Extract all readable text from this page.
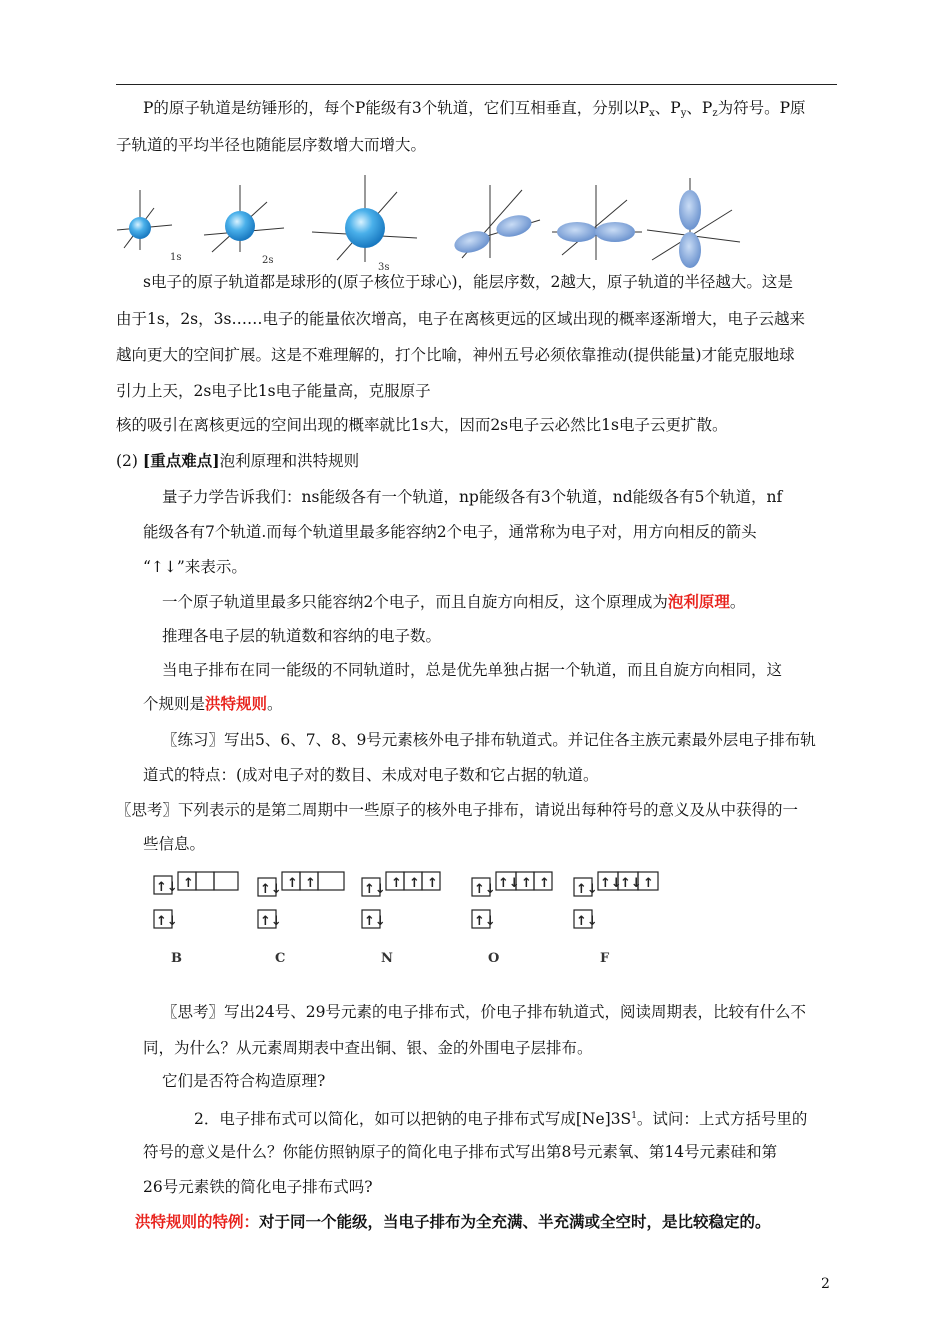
P的原子轨道是纺锤形的，每个P能级有3个轨道，它们互相垂直，分别以$P_x$、$P_y$、$P_z$为符号。P原
子轨道的平均半径也随能层序数增大而增大。
1s	2s
3s
s电子的原子轨道都是球形的(原子核位于球心)，能层序数，2越大，原子轨道的半径越大。这是
由于1s，2s，3s……电子的能量依次增高，电子在离核更远的区域出现的概率逐渐增大，电子云越来
越向更大的空间扩展。这是不难理解的，打个比喻，神州五号必须依靠推动(提供能量)才能克服地球
引力上天，2s电子比1s电子能量高，克服原子
核的吸引在离核更远的空间出现的概率就比1s大，因而2s电子云必然比1s电子云更扩散。
(2) [重点难点]泡利原理和洪特规则
量子力学告诉我们：ns能级各有一个轨道，np能级各有3个轨道，nd能级各有5个轨道，nf
能级各有7个轨道.而每个轨道里最多能容纳2个电子，通常称为电子对，用方向相反的箭头
“↑↓”来表示。
一个原子轨道里最多只能容纳2个电子，而且自旋方向相反，这个原理成为泡利原理。
推理各电子层的轨道数和容纳的电子数。
当电子排布在同一能级的不同轨道时，总是优先单独占据一个轨道，而且自旋方向相同，这
个规则是洪特规则。
〖练习〗写出5、6、7、8、9号元素核外电子排布轨道式。并记住各主族元素最外层电子排布轨
道式的特点：(成对电子对的数目、未成对电子数和它占据的轨道。
〖思考〗下列表示的是第二周期中一些原子的核外电子排布，请说出每种符号的意义及从中获得的一
些信息。
↑↓ ↑
↑↓
↑↓ ↑ ↑
↑↓
↑↓ ↑ ↑ ↑
↑↓
↑↓ ↑↓ ↑ ↑
↑↓
↑↓ ↑↓
↑↓ ↑
↑↓
B	C	N	O	F
〖思考〗写出24号、29号元素的电子排布式，价电子排布轨道式，阅读周期表，比较有什么不
同，为什么？从元素周期表中查出铜、银、金的外围电子层排布。
它们是否符合构造原理?
2．电子排布式可以简化，如可以把钠的电子排布式写成$[Ne]3S^1$。试问：上式方括号里的
符号的意义是什么？你能仿照钠原子的简化电子排布式写出第8号元素氧、第14号元素硅和第
26号元素铁的简化电子排布式吗?
洪特规则的特例：对于同一个能级，当电子排布为全充满、半充满或全空时，是比较稳定的。
2
